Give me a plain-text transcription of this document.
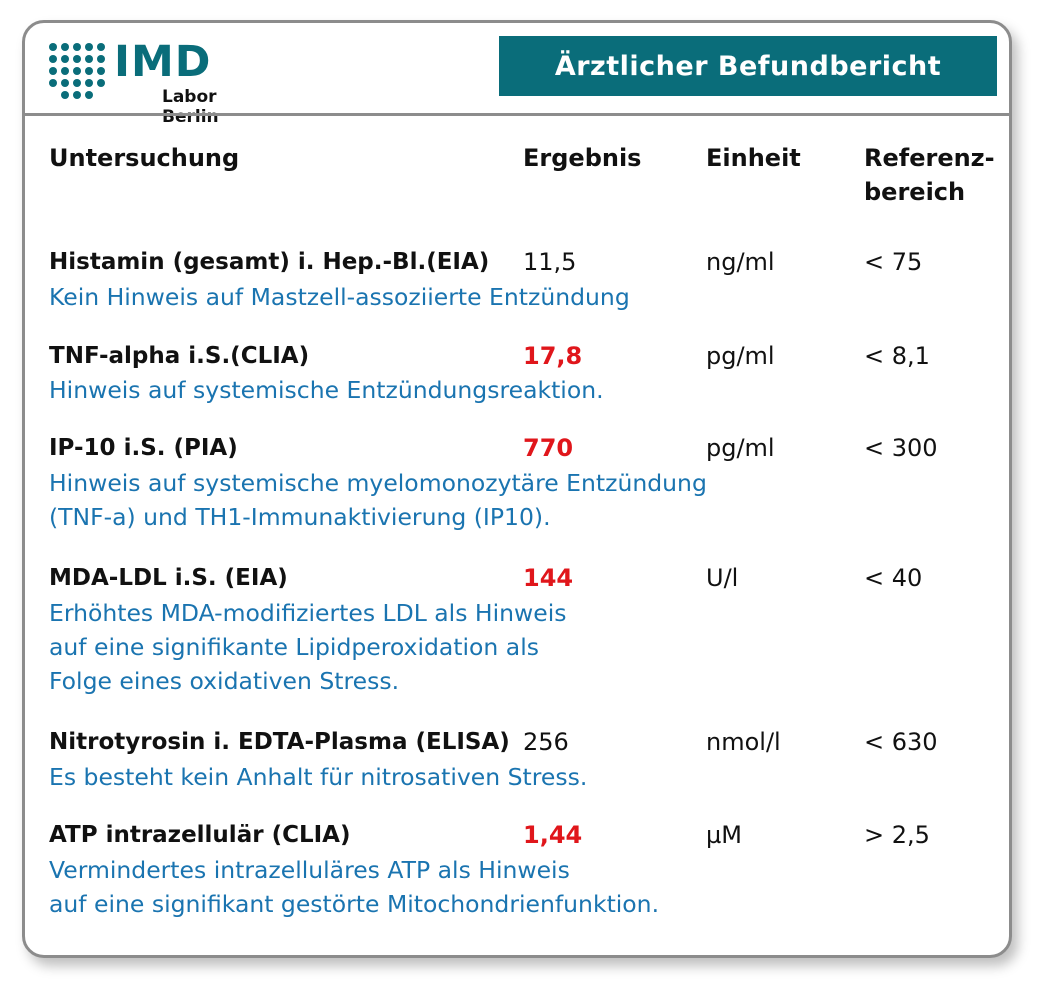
IMD
Labor Berlin
Ärztlicher Befundbericht
Untersuchung	Ergebnis	Einheit	Referenz-
bereich
Histamin (gesamt) i. Hep.-Bl.(EIA) 11,5	ng/ml	< 75
Kein Hinweis auf Mastzell-assoziierte Entzündung
TNF-alpha i.S.(CLIA)	17,8	pg/ml	< 8,1
Hinweis auf systemische Entzündungsreaktion.
IP-10 i.S. (PIA)	770	pg/ml	< 300
Hinweis auf systemische myelomonozytäre Entzündung
(TNF-a) und TH1-Immunaktivierung (IP10).
MDA-LDL i.S. (EIA)	144	U/l	< 40
Erhöhtes MDA-modifiziertes LDL als Hinweis
auf eine signifikante Lipidperoxidation als
Folge eines oxidativen Stress.
Nitrotyrosin i. EDTA-Plasma (ELISA) 256	nmol/l	< 630
Es besteht kein Anhalt für nitrosativen Stress.
ATP intrazellulär (CLIA)	1,44	µM	> 2,5
Vermindertes intrazelluläres ATP als Hinweis
auf eine signifikant gestörte Mitochondrienfunktion.
